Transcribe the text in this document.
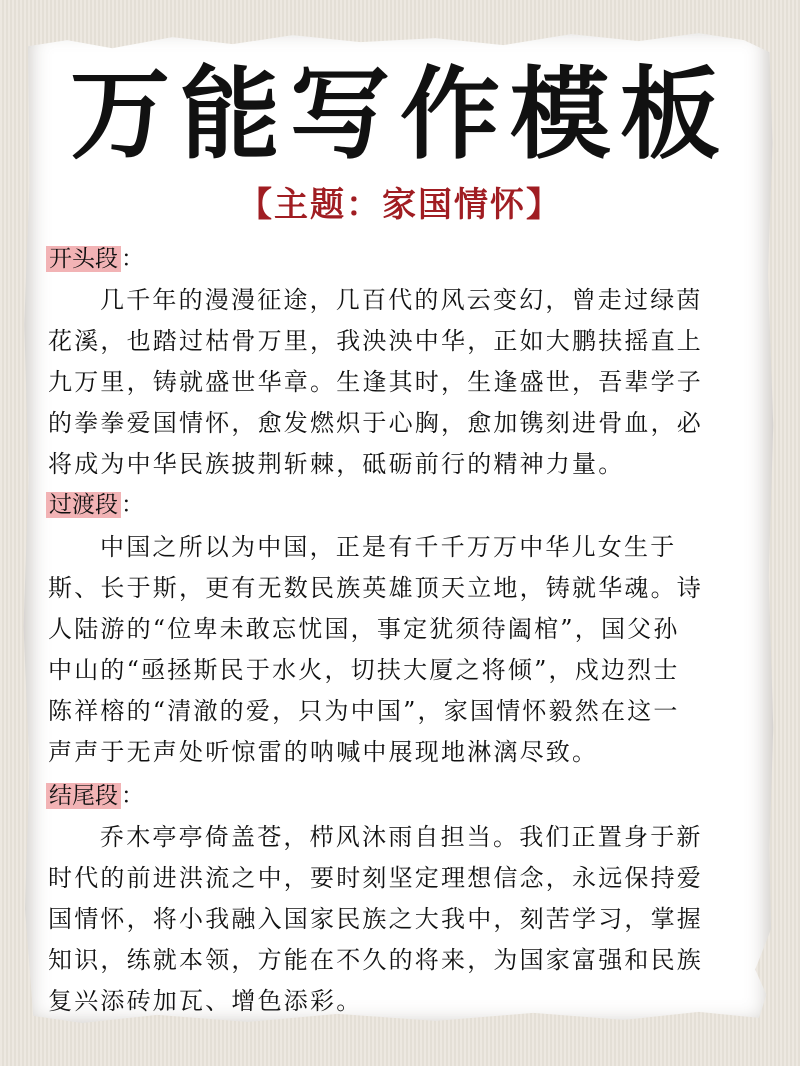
万能写作模板
【主题：家国情怀】
开头段 ：
几千年的漫漫征途，几百代的风云变幻，曾走过绿茵
花溪，也踏过枯骨万里，我泱泱中华，正如大鹏扶摇直上
九万里，铸就盛世华章。生逢其时，生逢盛世，吾辈学子
的拳拳爱国情怀，愈发燃炽于心胸，愈加镌刻进骨血，必
将成为中华民族披荆斩棘，砥砺前行的精神力量。
过渡段 ：
中国之所以为中国，正是有千千万万中华儿女生于
斯、长于斯，更有无数民族英雄顶天立地，铸就华魂。诗
人陆游的“位卑未敢忘忧国，事定犹须待阖棺”，国父孙
中山的“亟拯斯民于水火，切扶大厦之将倾”，戍边烈士
陈祥榕的“清澈的爱，只为中国”，家国情怀毅然在这一
声声于无声处听惊雷的呐喊中展现地淋漓尽致。
结尾段 ：
乔木亭亭倚盖苍，栉风沐雨自担当。我们正置身于新
时代的前进洪流之中，要时刻坚定理想信念，永远保持爱
国情怀，将小我融入国家民族之大我中，刻苦学习，掌握
知识，练就本领，方能在不久的将来，为国家富强和民族
复兴添砖加瓦、增色添彩。
